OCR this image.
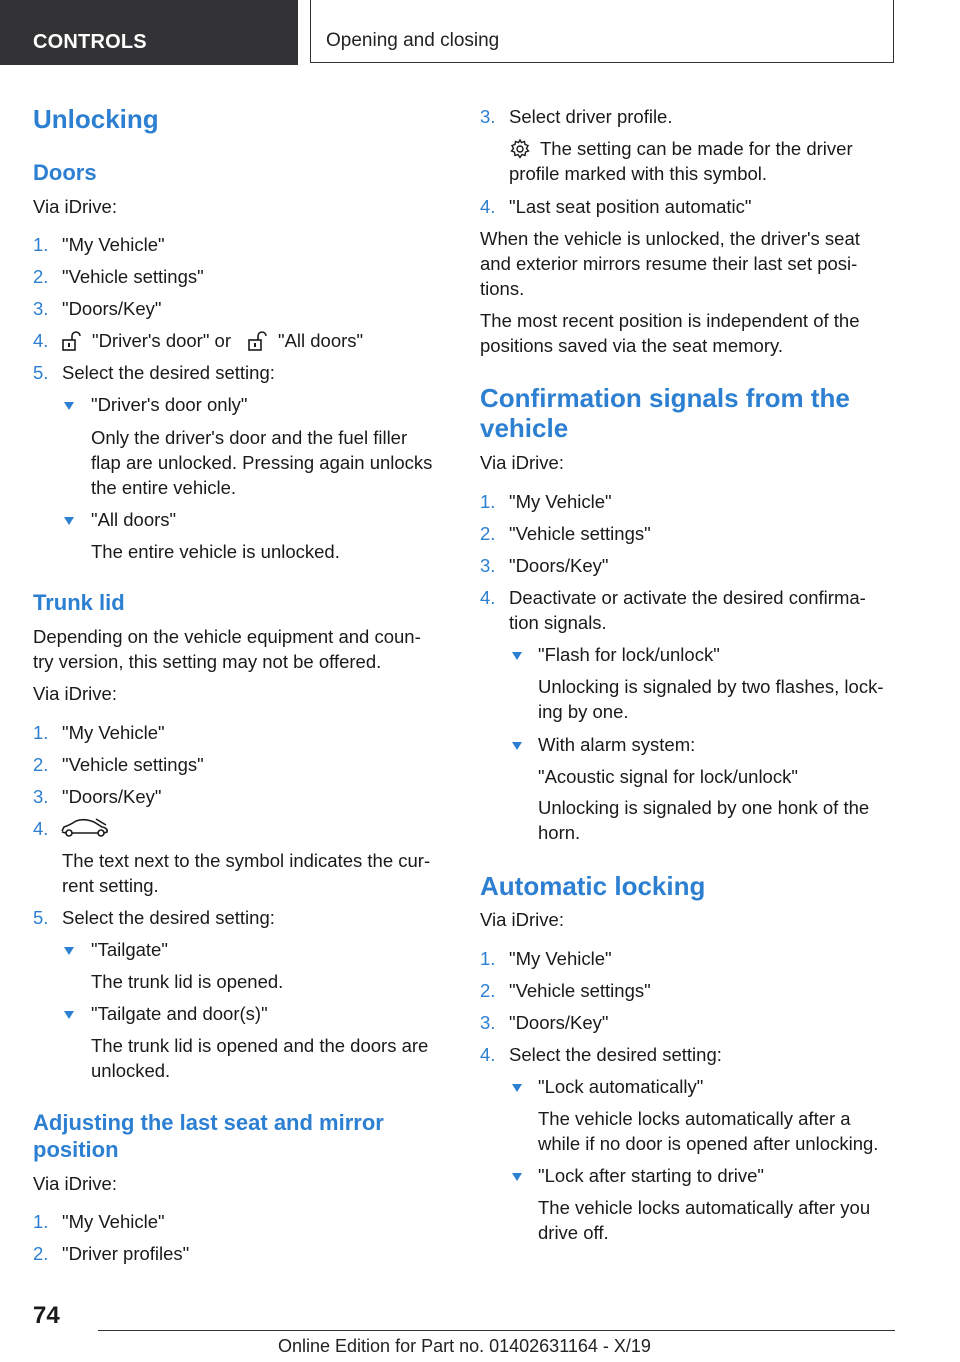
CONTROLS	Opening and closing
Unlocking
Doors
Via iDrive:
1. "My Vehicle"
2. "Vehicle settings"
3. "Doors/Key"
4. "Driver's door" or	"All doors"
5. Select the desired setting:
"Driver's door only"
Only the driver's door and the fuel filler
flap are unlocked. Pressing again unlocks
the entire vehicle.
"All doors"
The entire vehicle is unlocked.
Trunk lid
Depending on the vehicle equipment and coun-
try version, this setting may not be offered.
Via iDrive:
1. "My Vehicle"
2. "Vehicle settings"
3. "Doors/Key"
4.
The text next to the symbol indicates the cur-
rent setting.
5. Select the desired setting:
"Tailgate"
The trunk lid is opened.
"Tailgate and door(s)"
The trunk lid is opened and the doors are
unlocked.
Adjusting the last seat and mirror
position
Via iDrive:
1. "My Vehicle"
2. "Driver profiles"
3. Select driver profile.
The setting can be made for the driver
profile marked with this symbol.
4. "Last seat position automatic"
When the vehicle is unlocked, the driver's seat
and exterior mirrors resume their last set posi-
tions.
The most recent position is independent of the
positions saved via the seat memory.
Confirmation signals from the
vehicle
Via iDrive:
1. "My Vehicle"
2. "Vehicle settings"
3. "Doors/Key"
4. Deactivate or activate the desired confirma-
tion signals.
"Flash for lock/unlock"
Unlocking is signaled by two flashes, lock-
ing by one.
With alarm system:
"Acoustic signal for lock/unlock"
Unlocking is signaled by one honk of the
horn.
Automatic locking
Via iDrive:
1. "My Vehicle"
2. "Vehicle settings"
3. "Doors/Key"
4. Select the desired setting:
"Lock automatically"
The vehicle locks automatically after a
while if no door is opened after unlocking.
"Lock after starting to drive"
The vehicle locks automatically after you
drive off.
74
Online Edition for Part no. 01402631164 - X/19
